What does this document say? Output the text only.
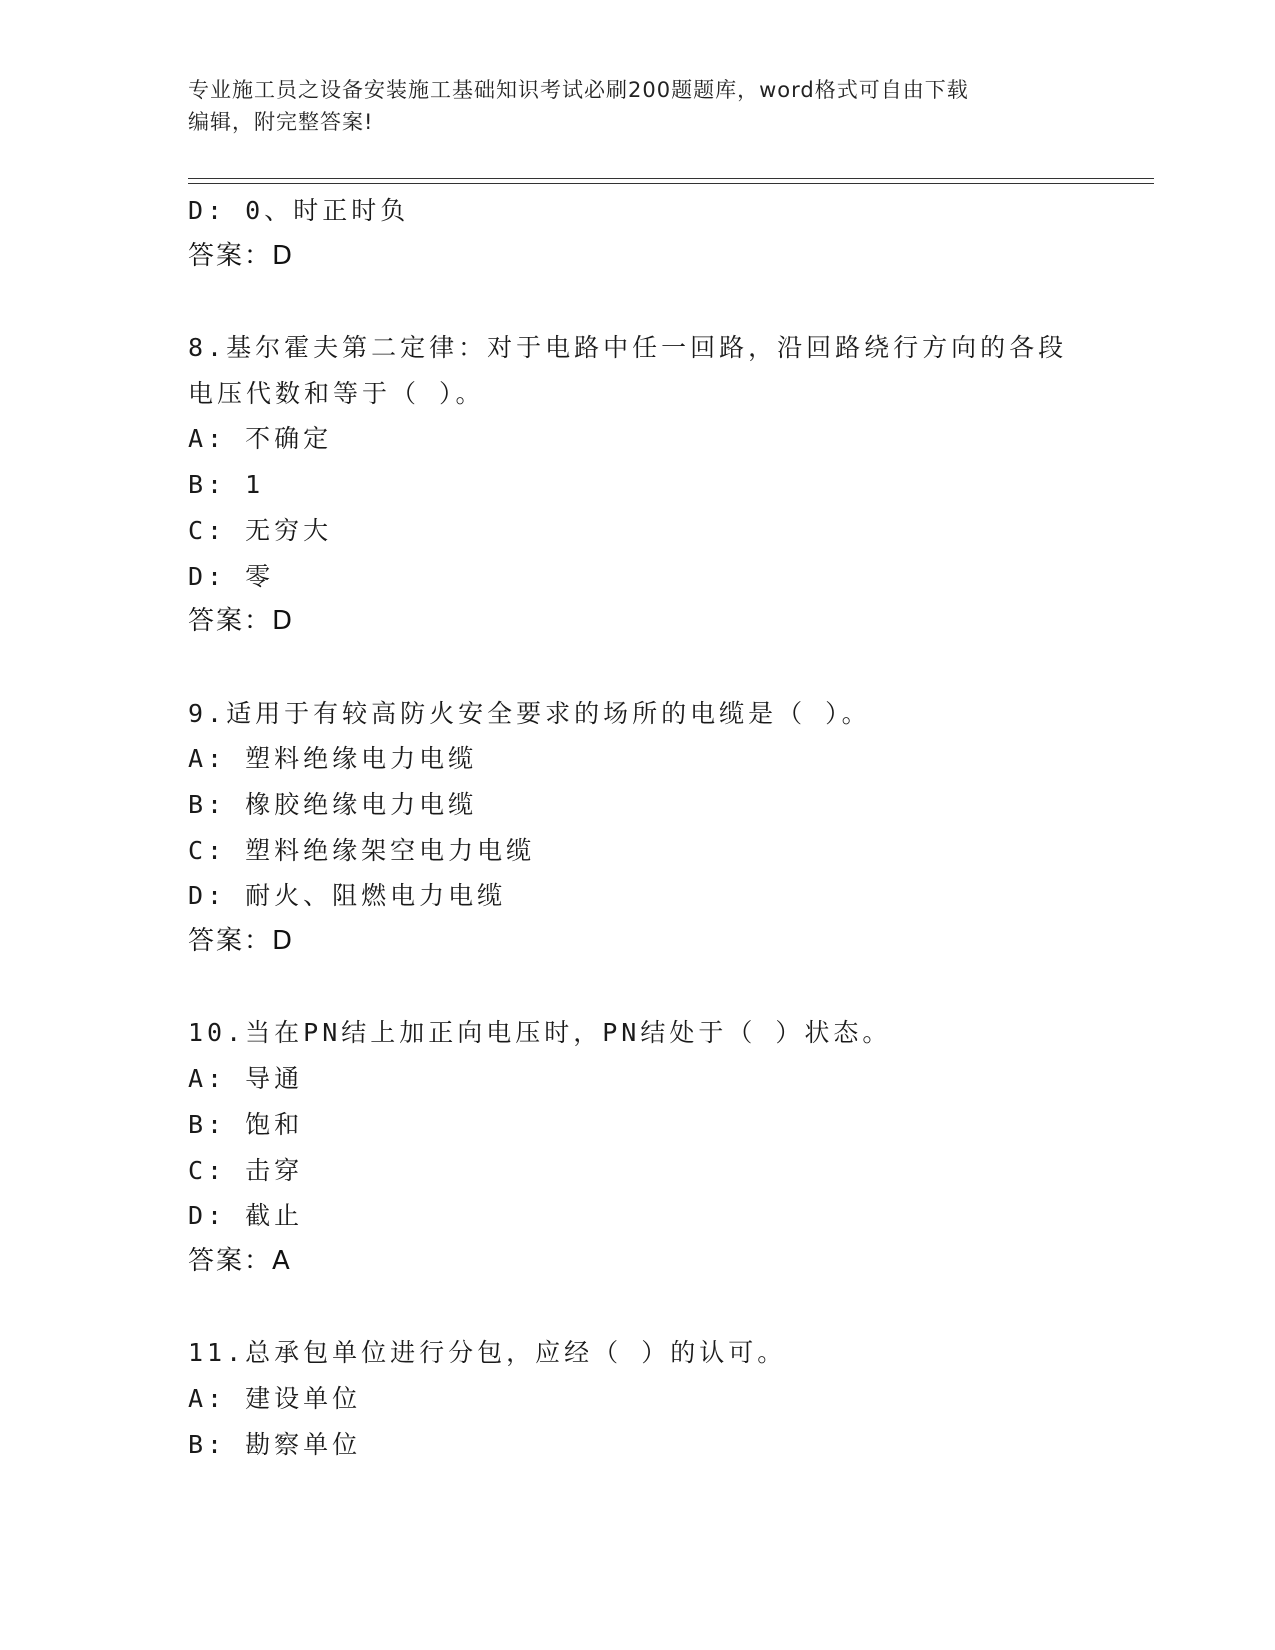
专业施工员之设备安装施工基础知识考试必刷200题题库，word格式可自由下载
编辑，附完整答案!
D: 0、时正时负
答案：D
8.基尔霍夫第二定律：对于电路中任一回路，沿回路绕行方向的各段
电压代数和等于（ ）。
A: 不确定
B: 1
C: 无穷大
D: 零
答案：D
9.适用于有较高防火安全要求的场所的电缆是（ ）。
A: 塑料绝缘电力电缆
B: 橡胶绝缘电力电缆
C: 塑料绝缘架空电力电缆
D: 耐火、阻燃电力电缆
答案：D
10.当在PN结上加正向电压时，PN结处于（ ）状态。
A: 导通
B: 饱和
C: 击穿
D: 截止
答案：A
11.总承包单位进行分包，应经（ ）的认可。
A: 建设单位
B: 勘察单位
